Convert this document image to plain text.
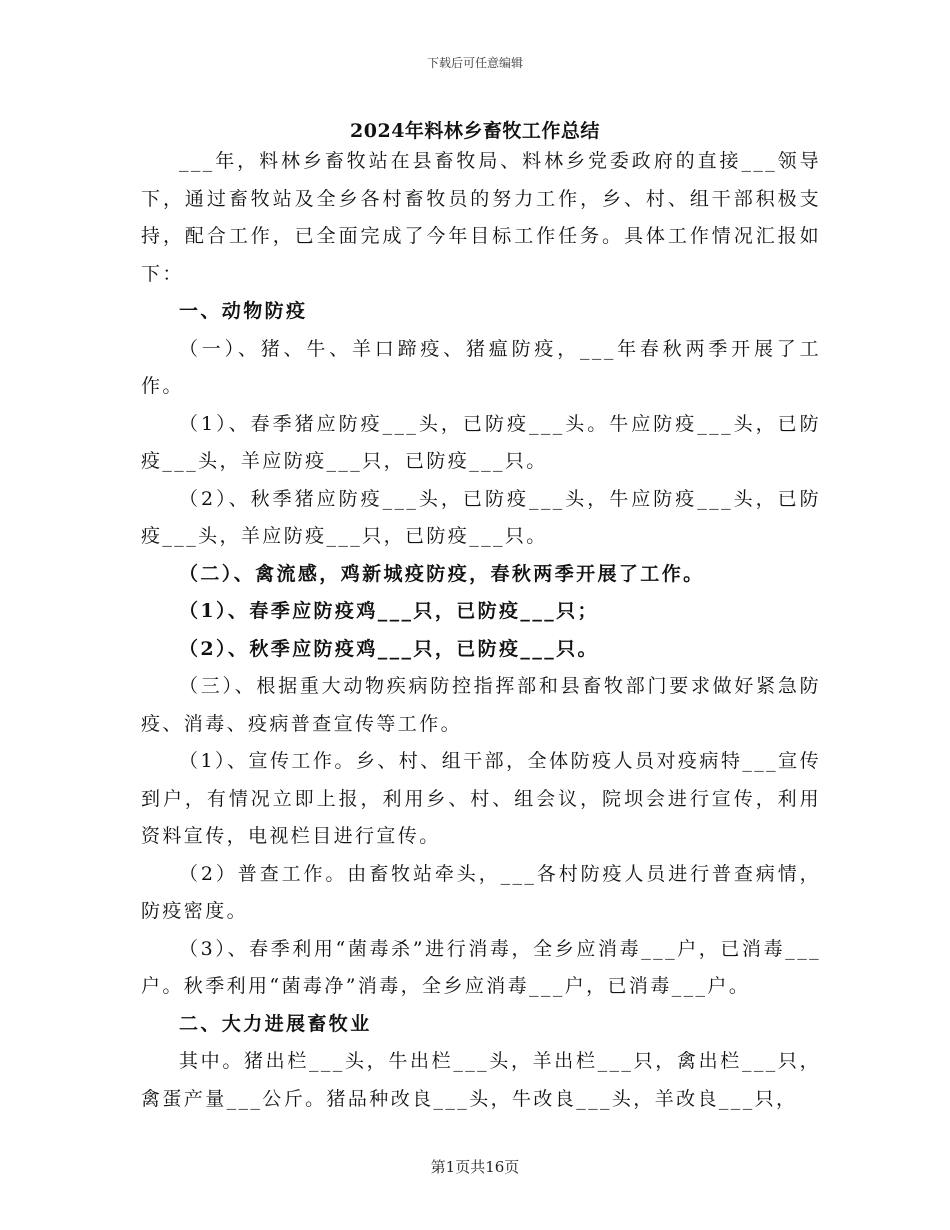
下载后可任意编辑
2024年料林乡畜牧工作总结

___年，料林乡畜牧站在县畜牧局、料林乡党委政府的直接___领导下，通过畜牧站及全乡各村畜牧员的努力工作，乡、村、组干部积极支持，配合工作，已全面完成了今年目标工作任务。具体工作情况汇报如下：

一、动物防疫

（一）、猪、牛、羊口蹄疫、猪瘟防疫，___年春秋两季开展了工作。

（1）、春季猪应防疫___头，已防疫___头。牛应防疫___头，已防疫___头，羊应防疫___只，已防疫___只。

（2）、秋季猪应防疫___头，已防疫___头，牛应防疫___头，已防疫___头，羊应防疫___只，已防疫___只。

（二）、禽流感，鸡新城疫防疫，春秋两季开展了工作。

（1）、春季应防疫鸡___只，已防疫___只；

（2）、秋季应防疫鸡___只，已防疫___只。

（三）、根据重大动物疾病防控指挥部和县畜牧部门要求做好紧急防疫、消毒、疫病普查宣传等工作。

（1）、宣传工作。乡、村、组干部，全体防疫人员对疫病特___宣传到户，有情况立即上报，利用乡、村、组会议，院坝会进行宣传，利用资料宣传，电视栏目进行宣传。

（2）普查工作。由畜牧站牵头，___各村防疫人员进行普查病情，防疫密度。

（3）、春季利用“菌毒杀”进行消毒，全乡应消毒___户，已消毒___户。秋季利用“菌毒净”消毒，全乡应消毒___户，已消毒___户。

二、大力进展畜牧业

其中。猪出栏___头，牛出栏___头，羊出栏___只，禽出栏___只，禽蛋产量___公斤。猪品种改良___头，牛改良___头，羊改良___只，

第1页共16页
